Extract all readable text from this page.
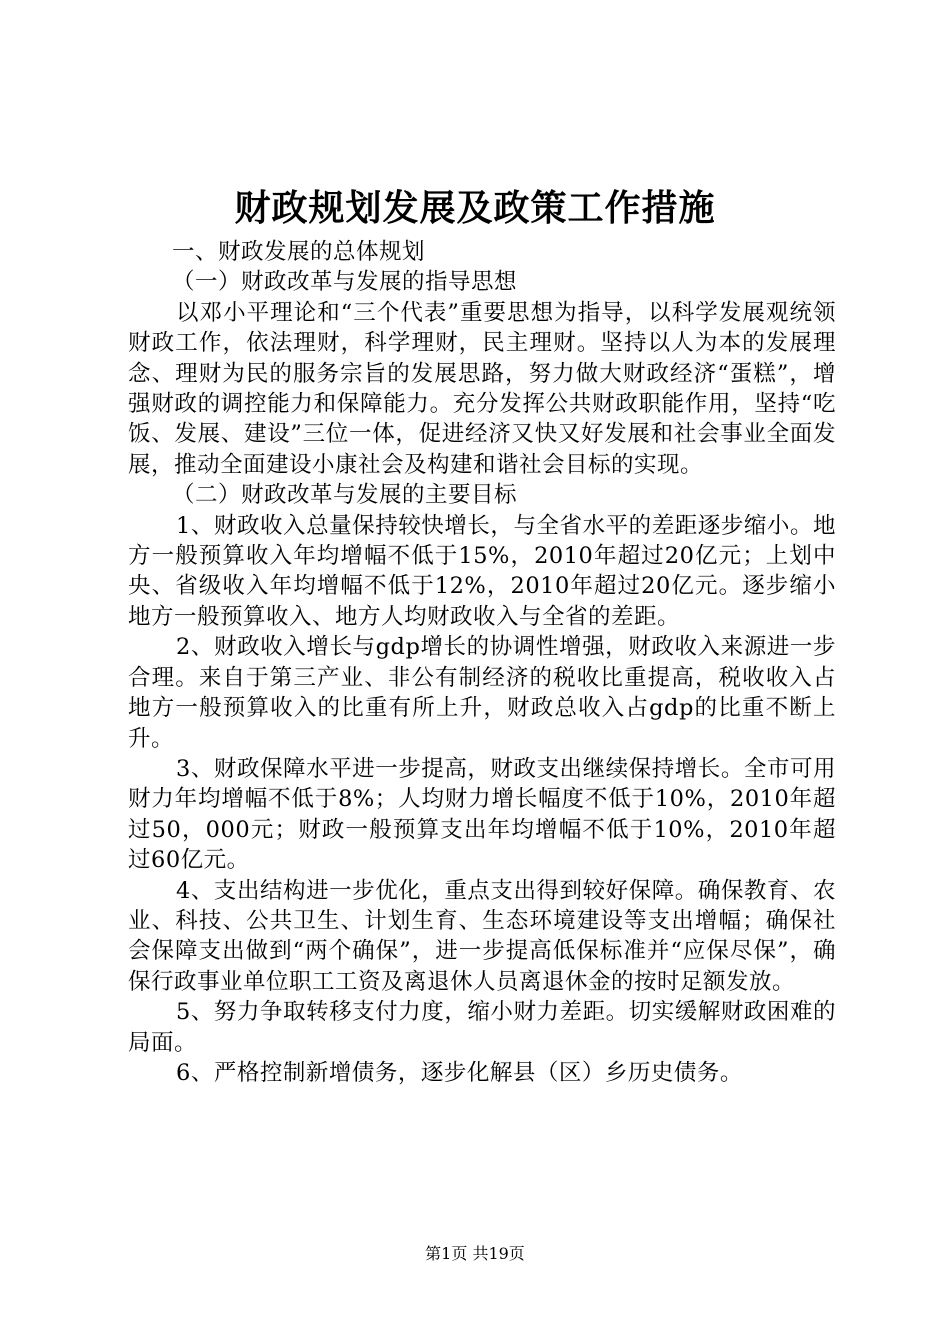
财政规划发展及政策工作措施

一、财政发展的总体规划

（一）财政改革与发展的指导思想

以邓小平理论和“三个代表”重要思想为指导，以科学发展观统领财政工作，依法理财，科学理财，民主理财。坚持以人为本的发展理念、理财为民的服务宗旨的发展思路，努力做大财政经济“蛋糕”，增强财政的调控能力和保障能力。充分发挥公共财政职能作用，坚持“吃饭、发展、建设”三位一体，促进经济又快又好发展和社会事业全面发展，推动全面建设小康社会及构建和谐社会目标的实现。

（二）财政改革与发展的主要目标

1、财政收入总量保持较快增长，与全省水平的差距逐步缩小。地方一般预算收入年均增幅不低于15%，2010年超过20亿元；上划中央、省级收入年均增幅不低于12%，2010年超过20亿元。逐步缩小地方一般预算收入、地方人均财政收入与全省的差距。

2、财政收入增长与gdp增长的协调性增强，财政收入来源进一步合理。来自于第三产业、非公有制经济的税收比重提高，税收收入占地方一般预算收入的比重有所上升，财政总收入占gdp的比重不断上升。

3、财政保障水平进一步提高，财政支出继续保持增长。全市可用财力年均增幅不低于8%；人均财力增长幅度不低于10%，2010年超过50，000元；财政一般预算支出年均增幅不低于10%，2010年超过60亿元。

4、支出结构进一步优化，重点支出得到较好保障。确保教育、农业、科技、公共卫生、计划生育、生态环境建设等支出增幅；确保社会保障支出做到“两个确保”，进一步提高低保标准并“应保尽保”，确保行政事业单位职工工资及离退休人员离退休金的按时足额发放。

5、努力争取转移支付力度，缩小财力差距。切实缓解财政困难的局面。

6、严格控制新增债务，逐步化解县（区）乡历史债务。

第1页 共19页
